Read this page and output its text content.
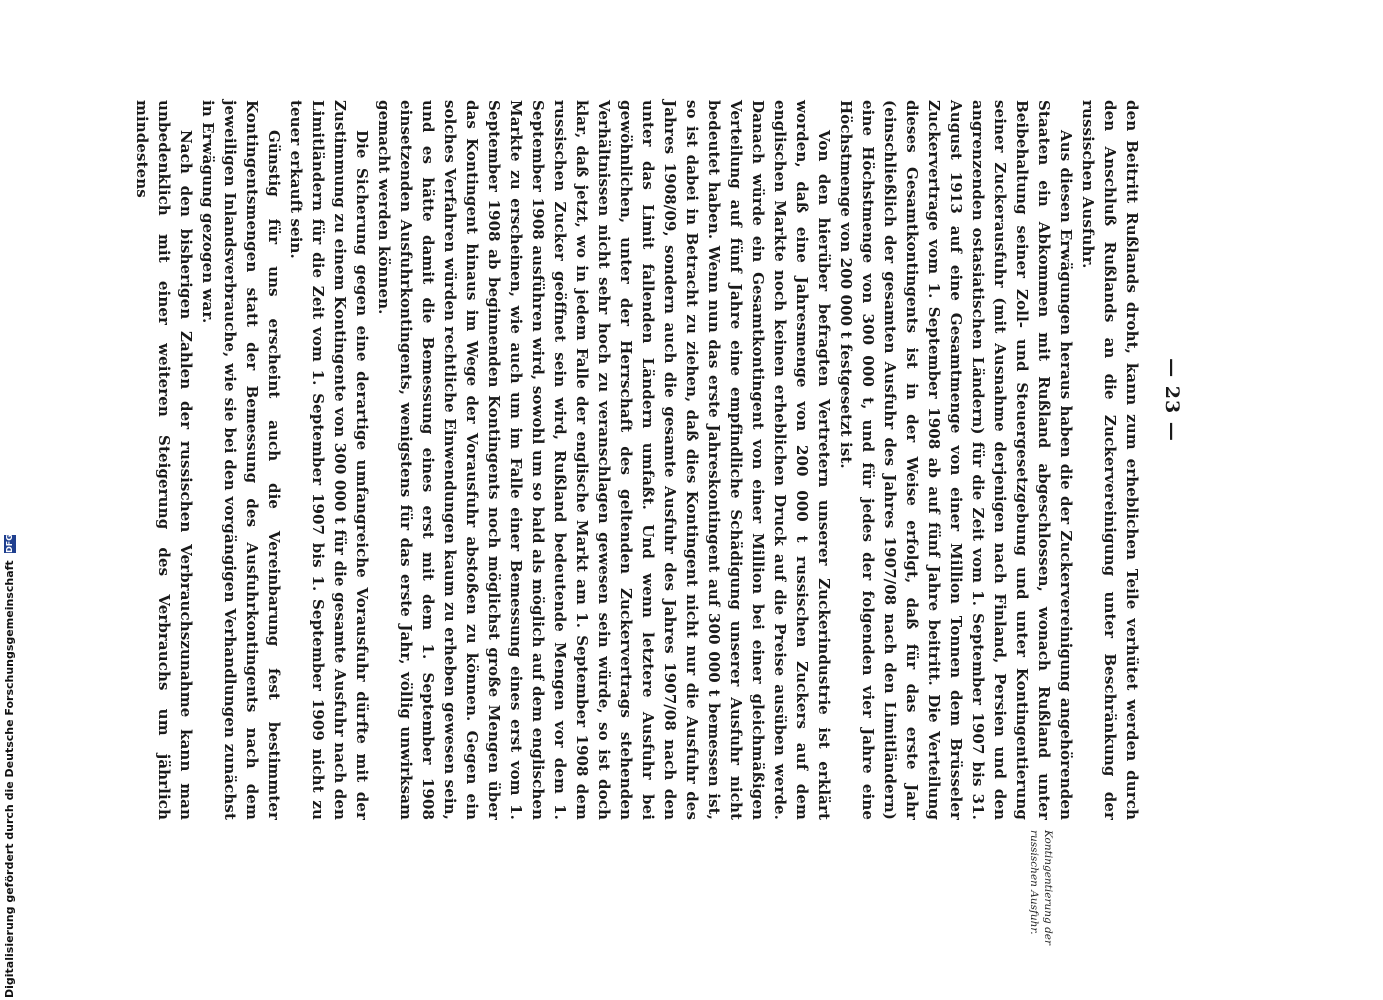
— 23 —
Kontingentierung der russischen Ausfuhr.

den Beitritt Rußlands droht, kann zum erheblichen Teile verhütet werden durch den Anschluß Rußlands an die Zuckervereinigung unter Beschränkung der russischen Ausfuhr.

Aus diesen Erwägungen heraus haben die der Zuckervereinigung angehörenden Staaten ein Abkommen mit Rußland abgeschlossen, wonach Rußland unter Beibehaltung seiner Zoll- und Steuergesetzgebung und unter Kontingentierung seiner Zuckerausfuhr (mit Ausnahme derjenigen nach Finland, Persien und den angrenzenden ostasiatischen Ländern) für die Zeit vom 1. September 1907 bis 31. August 1913 auf eine Gesamtmenge von einer Million Tonnen dem Brüsseler Zuckervertrage vom 1. September 1908 ab auf fünf Jahre beitritt. Die Verteilung dieses Gesamtkontingents ist in der Weise erfolgt, daß für das erste Jahr (einschließlich der gesamten Ausfuhr des Jahres 1907/08 nach den Limitländern) eine Höchstmenge von 300 000 t, und für jedes der folgenden vier Jahre eine Höchstmenge von 200 000 t festgesetzt ist.

Von den hierüber befragten Vertretern unserer Zuckerindustrie ist erklärt worden, daß eine Jahresmenge von 200 000 t russischen Zuckers auf dem englischen Markte noch keinen erheblichen Druck auf die Preise ausüben werde. Danach würde ein Gesamtkontingent von einer Million bei einer gleichmäßigen Verteilung auf fünf Jahre eine empfindliche Schädigung unserer Ausfuhr nicht bedeutet haben. Wenn nun das erste Jahreskontingent auf 300 000 t bemessen ist, so ist dabei in Betracht zu ziehen, daß dies Kontingent nicht nur die Ausfuhr des Jahres 1908/09, sondern auch die gesamte Ausfuhr des Jahres 1907/08 nach den unter das Limit fallenden Ländern umfaßt. Und wenn letztere Ausfuhr bei gewöhnlichen, unter der Herrschaft des geltenden Zuckervertrags stehenden Verhältnissen nicht sehr hoch zu veranschlagen gewesen sein würde, so ist doch klar, daß jetzt, wo in jedem Falle der englische Markt am 1. September 1908 dem russischen Zucker geöffnet sein wird, Rußland bedeutende Mengen vor dem 1. September 1908 ausführen wird, sowohl um so bald als möglich auf dem englischen Markte zu erscheinen, wie auch um im Falle einer Bemessung eines erst vom 1. September 1908 ab beginnenden Kontingents noch möglichst große Mengen über das Kontingent hinaus im Wege der Vorausfuhr abstoßen zu können. Gegen ein solches Verfahren würden rechtliche Einwendungen kaum zu erheben gewesen sein, und es hätte damit die Bemessung eines erst mit dem 1. September 1908 einsetzenden Ausfuhrkontingents, wenigstens für das erste Jahr, völlig unwirksam gemacht werden können.

Die Sicherung gegen eine derartige umfangreiche Vorausfuhr dürfte mit der Zustimmung zu einem Kontingente von 300 000 t für die gesamte Ausfuhr nach den Limitländern für die Zeit vom 1. September 1907 bis 1. September 1909 nicht zu teuer erkauft sein.

Günstig für uns erscheint auch die Vereinbarung fest bestimmter Kontingentsmengen statt der Bemessung des Ausfuhrkontingents nach dem jeweiligen Inlandsverbrauche, wie sie bei den vorgängigen Verhandlungen zunächst in Erwägung gezogen war.

Nach den bisherigen Zahlen der russischen Verbrauchszunahme kann man unbedenklich mit einer weiteren Steigerung des Verbrauchs um jährlich mindestens

Digitalisierung gefördert durch die Deutsche Forschungsgemeinschaft DFG
